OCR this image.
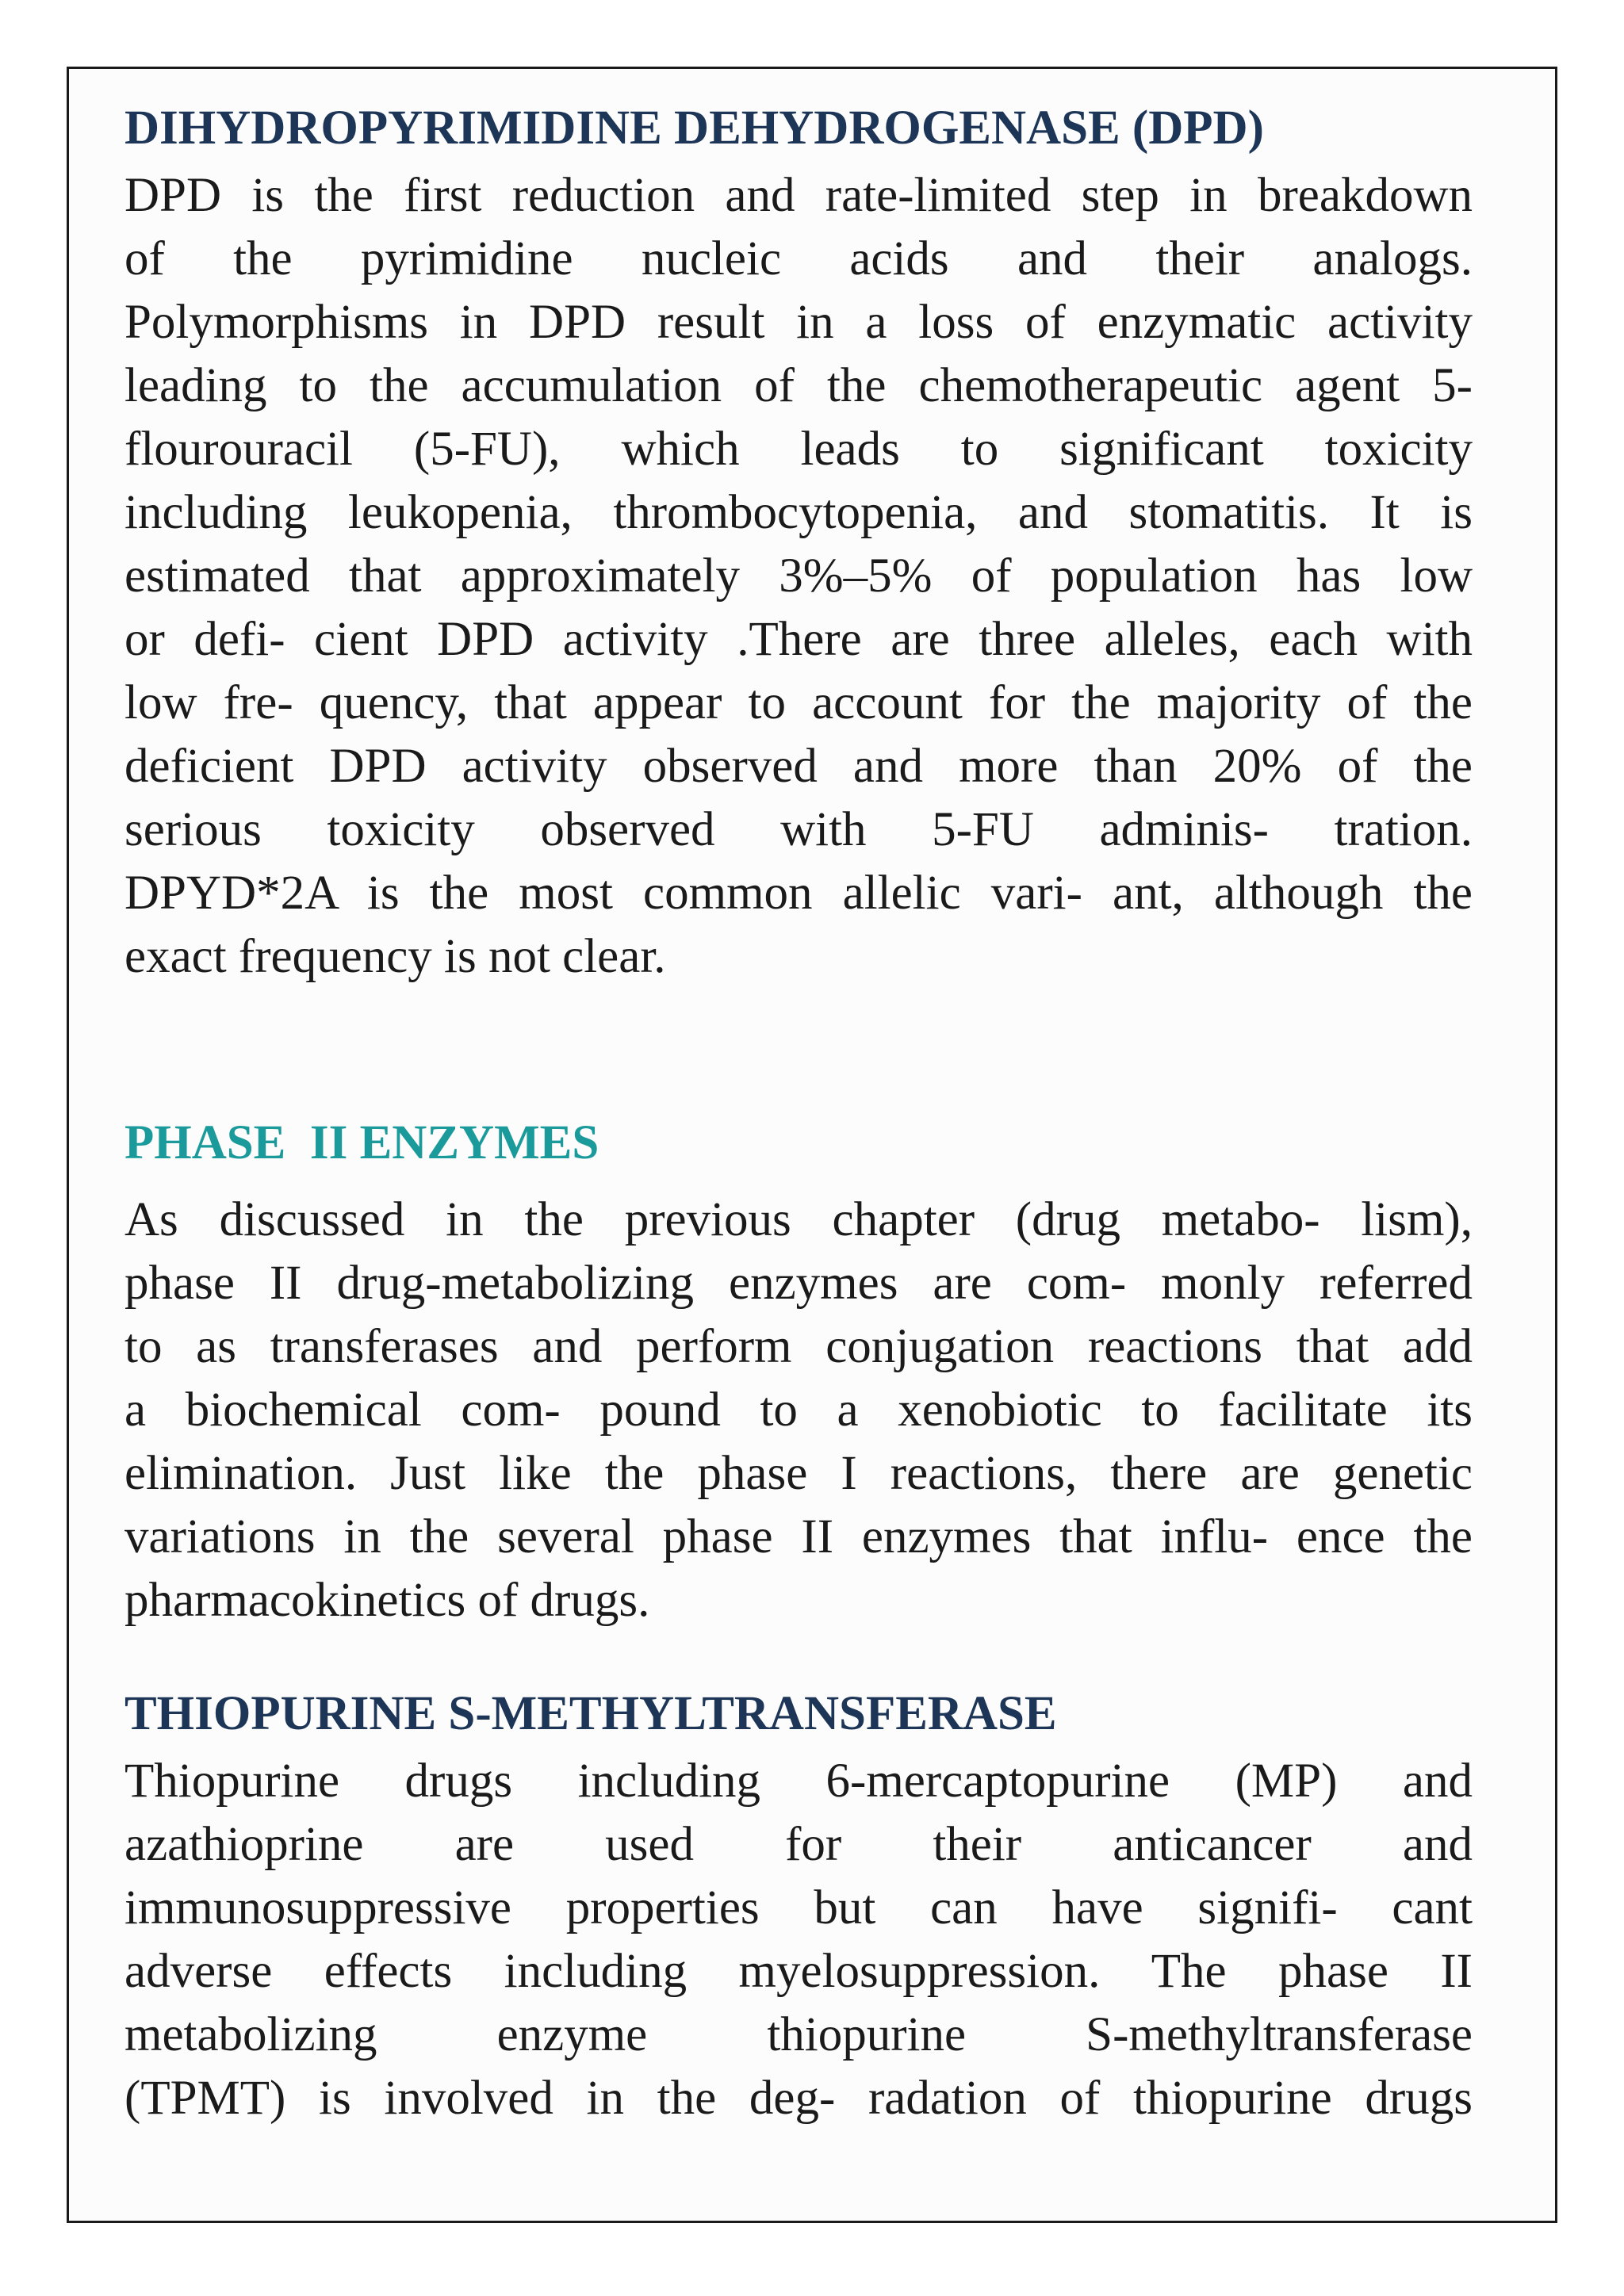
DIHYDROPYRIMIDINE DEHYDROGENASE (DPD)
DPD is the first reduction and rate-limited step in breakdown
of the pyrimidine nucleic acids and their analogs.
Polymorphisms in DPD result in a loss of enzymatic activity
leading to the accumulation of the chemotherapeutic agent 5-
flourouracil (5-FU), which leads to significant toxicity
including leukopenia, thrombocytopenia, and stomatitis. It is
estimated that approximately 3%–5% of population has low
or defi- cient DPD activity .There are three alleles, each with
low fre- quency, that appear to account for the majority of the
deficient DPD activity observed and more than 20% of the
serious toxicity observed with 5-FU adminis- tration.
DPYD*2A is the most common allelic vari- ant, although the
exact frequency is not clear.
PHASE  II ENZYMES
As discussed in the previous chapter (drug metabo- lism),
phase II drug-metabolizing enzymes are com- monly referred
to as transferases and perform conjugation reactions that add
a biochemical com- pound to a xenobiotic to facilitate its
elimination. Just like the phase I reactions, there are genetic
variations in the several phase II enzymes that influ- ence the
pharmacokinetics of drugs.
THIOPURINE S-METHYLTRANSFERASE
Thiopurine drugs including 6-mercaptopurine (MP) and
azathioprine are used for their anticancer and
immunosuppressive properties but can have signifi- cant
adverse effects including myelosuppression. The phase II
metabolizing enzyme thiopurine S-methyltransferase
(TPMT) is involved in the deg- radation of thiopurine drugs
